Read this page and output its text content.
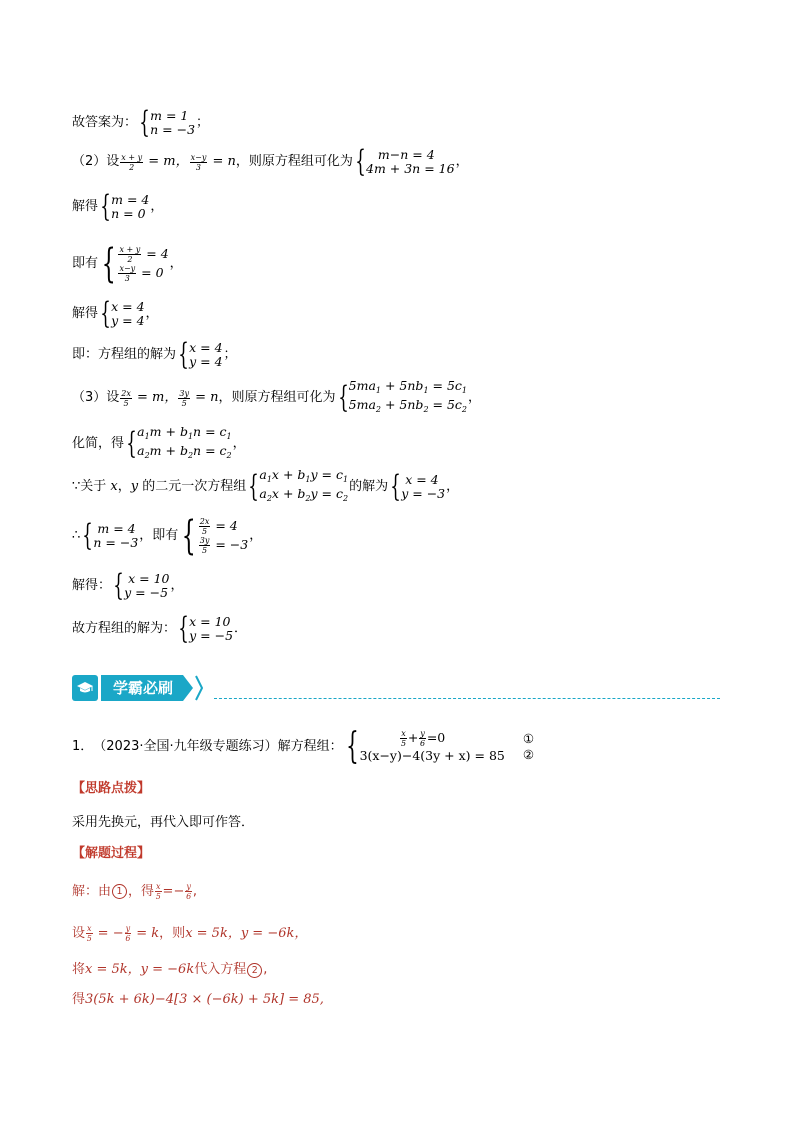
故答案为： { m = 1
n = −3 ；
（2）设 $\frac{x + y}{2} = m$， $\frac{x-y}{3} = n$ ，则原方程组可化为 { m−n = 4
4m + 3n = 16 ，
解得 { m = 4
n = 0 ，
即有 { $\frac{x + y}{2} = 4$
$\frac{x-y}{3} = 0$
，
解得 { x = 4
y = 4 ，
即：方程组的解为 { x = 4
y = 4 ；
（3）设 $\frac{2x}{5} = m$， $\frac{3y}{5} = n$ ，则原方程组可化为 { $5ma_1 + 5nb_1 = 5c_1$
$5ma_2 + 5nb_2 = 5c_2$
，
化简，得 { $a_1m + b_1n = c_1$
$a_2m + b_2n = c_2$
，
∵关于 x ， y
的二元一次方程组 { $a_1x + b_1y = c_1$
$a_2x + b_2y = c_2$
的解为 { x = 4
y = −3 ，
∴ { m = 4
n = −3 ，即有 { $\frac{2x}{5} = 4$
$\frac{3y}{5} = -3$
，
解得： { x = 10
y = −5 ，
故方程组的解为： { x = 10
y = −5 ．
学霸必刷
1． （2023·全国·九年级专题练习） 解方程组： {
	$\frac{x}{5} + \frac{y}{6} =0$
3(x−y)−4(3y + x) = 85
①
②
【思路点拨】
采用先换元，再代入即可作答．
【解题过程】
解：由 1 ，得 $\frac{x}{5} =- \frac{y}{6}$ ,
设 $\frac{x}{5}$ = − $\frac{y}{6} = k$ ，则 x = 5k，y = −6k，
将 x = 5k，y = −6k 代入方程 2 ,
得 3(5k + 6k)−4[3 × (−6k) + 5k] = 85,
